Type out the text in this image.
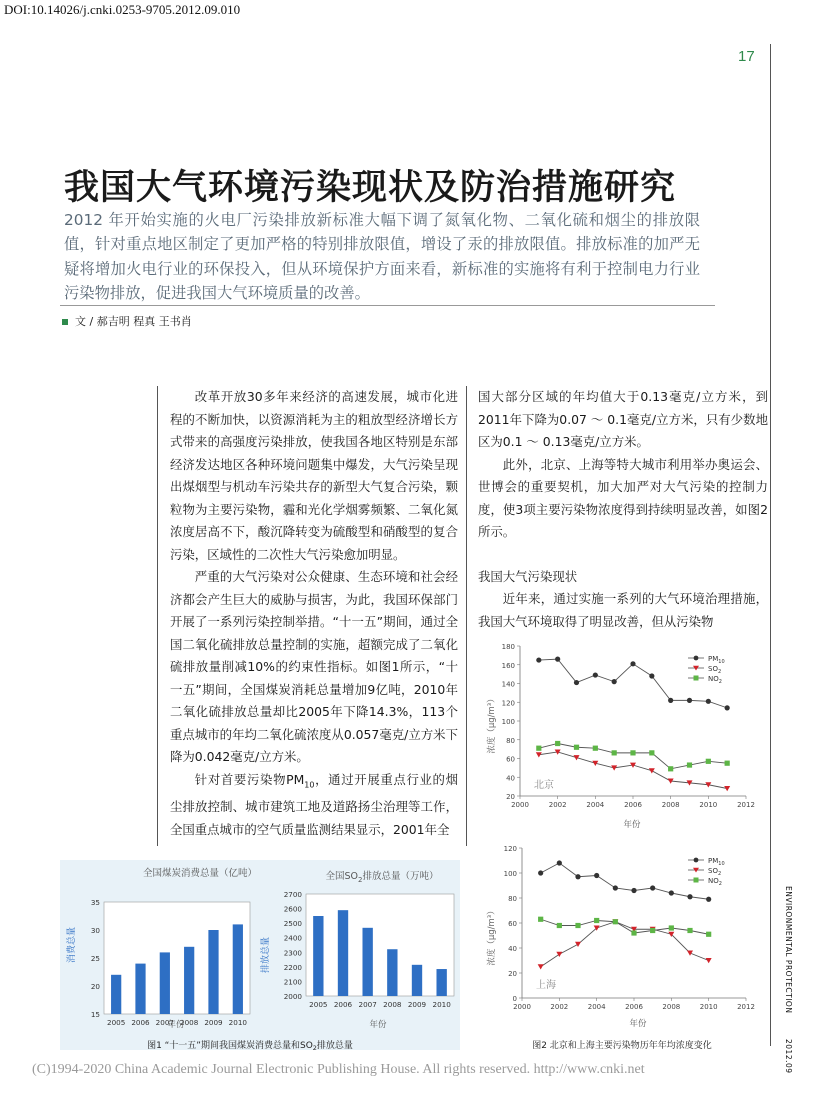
DOI:10.14026/j.cnki.0253-9705.2012.09.010
17
我国大气环境污染现状及防治措施研究
2012 年开始实施的火电厂污染排放新标准大幅下调了氮氧化物、二氧化硫和烟尘的排放限值，针对重点地区制定了更加严格的特别排放限值，增设了汞的排放限值。排放标准的加严无疑将增加火电行业的环保投入，但从环境保护方面来看，新标准的实施将有利于控制电力行业污染物排放，促进我国大气环境质量的改善。
文 / 郝吉明 程真 王书肖

改革开放30多年来经济的高速发展，城市化进程的不断加快，以资源消耗为主的粗放型经济增长方式带来的高强度污染排放，使我国各地区特别是东部经济发达地区各种环境问题集中爆发，大气污染呈现出煤烟型与机动车污染共存的新型大气复合污染，颗粒物为主要污染物，霾和光化学烟雾频繁、二氧化氮浓度居高不下，酸沉降转变为硫酸型和硝酸型的复合污染，区域性的二次性大气污染愈加明显。

严重的大气污染对公众健康、生态环境和社会经济都会产生巨大的威胁与损害，为此，我国环保部门开展了一系列污染控制举措。“十一五”期间，通过全国二氧化硫排放总量控制的实施，超额完成了二氧化硫排放量削减10%的约束性指标。如图1所示，“十一五”期间，全国煤炭消耗总量增加9亿吨，2010年二氧化硫排放总量却比2005年下降14.3%，113个重点城市的年均二氧化硫浓度从0.057毫克/立方米下降为0.042毫克/立方米。

针对首要污染物$PM_{10}$，通过开展重点行业的烟尘排放控制、城市建筑工地及道路扬尘治理等工作，全国重点城市的空气质量监测结果显示，2001年全

国大部分区域的年均值大于0.13毫克/立方米，到2011年下降为0.07 ～ 0.1毫克/立方米，只有少数地区为0.1 ～ 0.13毫克/立方米。

此外，北京、上海等特大城市利用举办奥运会、世博会的重要契机，加大加严对大气污染的控制力度，使3项主要污染物浓度得到持续明显改善，如图2所示。

我国大气污染现状

近年来，通过实施一系列的大气环境治理措施，我国大气环境取得了明显改善，但从污染物

全国煤炭消费总量（亿吨）
消费总量
年份
15
20
25
30
35
2005 2006 2007 2008 2009 2010
全国$SO_2$排放总量（万吨）
排放总量
年份
2000
2100
2200
2300
2400
2500
2600
2700
2005 2006 2007 2008 2009 2010
图1 “十一五”期间我国煤炭消费总量和$SO_2$排放总量
浓度（μg/m³）
年份
北京
20
40
60
80
100
120
140
160
180
2000	2002	2004	2006	2008	2010	2012
$PM_{10}$
$SO_2$
$NO_2$
浓度（μg/m³）
年份
上海
0
20
40
60
80
100
120
2000	2002	2004	2006	2008	2010	2012
$PM_{10}$
$SO_2$
$NO_2$
图2 北京和上海主要污染物历年年均浓度变化
ENVIRONMENTAL PROTECTION
2012.09
(C)1994-2020 China Academic Journal Electronic Publishing House. All rights reserved. http://www.cnki.net
